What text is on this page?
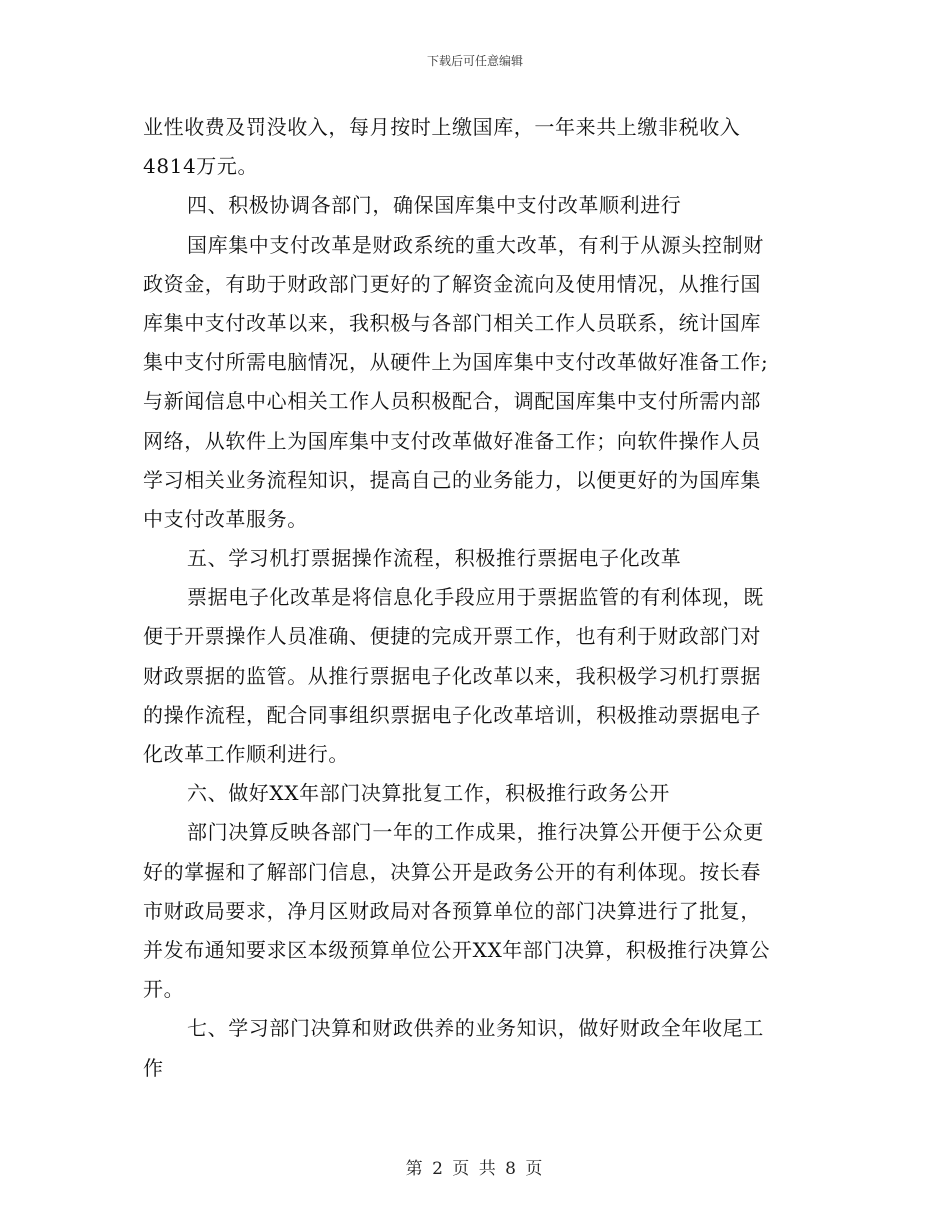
下载后可任意编辑
业性收费及罚没收入，每月按时上缴国库，一年来共上缴非税收入
4814万元。
四、积极协调各部门，确保国库集中支付改革顺利进行
国库集中支付改革是财政系统的重大改革，有利于从源头控制财
政资金，有助于财政部门更好的了解资金流向及使用情况，从推行国
库集中支付改革以来，我积极与各部门相关工作人员联系，统计国库
集中支付所需电脑情况，从硬件上为国库集中支付改革做好准备工作;
与新闻信息中心相关工作人员积极配合，调配国库集中支付所需内部
网络，从软件上为国库集中支付改革做好准备工作；向软件操作人员
学习相关业务流程知识，提高自己的业务能力，以便更好的为国库集
中支付改革服务。
五、学习机打票据操作流程，积极推行票据电子化改革
票据电子化改革是将信息化手段应用于票据监管的有利体现，既
便于开票操作人员准确、便捷的完成开票工作，也有利于财政部门对
财政票据的监管。从推行票据电子化改革以来，我积极学习机打票据
的操作流程，配合同事组织票据电子化改革培训，积极推动票据电子
化改革工作顺利进行。
六、做好XX年部门决算批复工作，积极推行政务公开
部门决算反映各部门一年的工作成果，推行决算公开便于公众更
好的掌握和了解部门信息，决算公开是政务公开的有利体现。按长春
市财政局要求，净月区财政局对各预算单位的部门决算进行了批复，
并发布通知要求区本级预算单位公开XX年部门决算，积极推行决算公
开。
七、学习部门决算和财政供养的业务知识，做好财政全年收尾工
作
第 2 页 共 8 页
